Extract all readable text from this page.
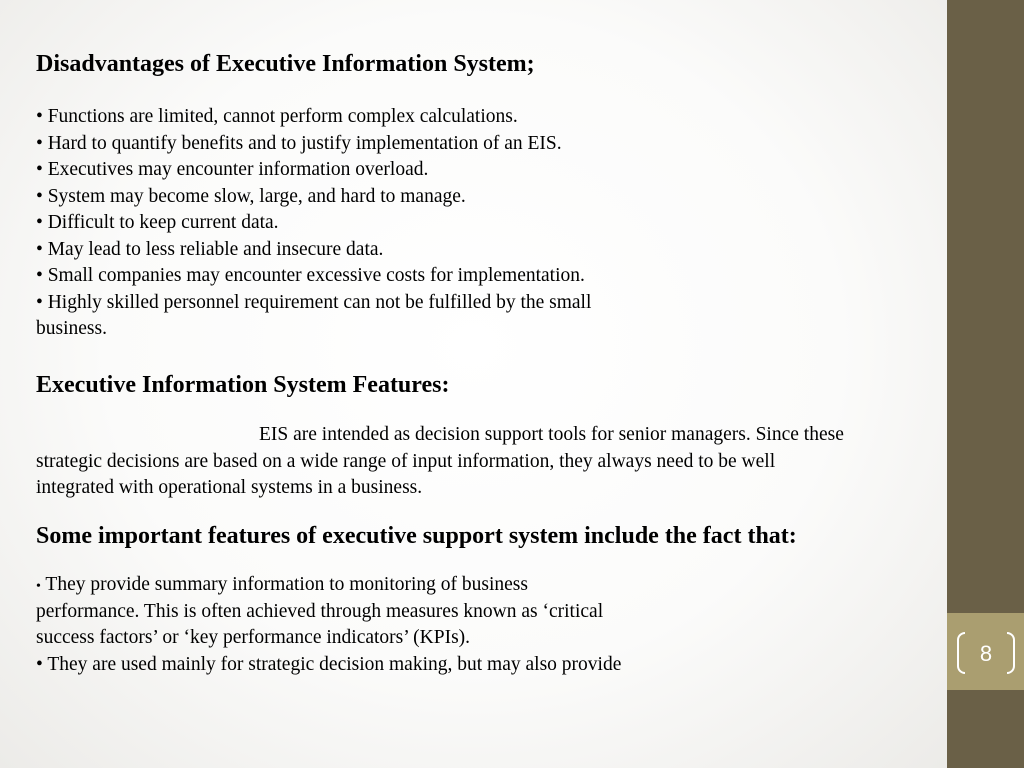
8
Disadvantages of Executive Information System;
• Functions are limited, cannot perform complex calculations.
• Hard to quantify benefits and to justify implementation of an EIS.
• Executives may encounter information overload.
• System may become slow, large, and hard to manage.
• Difficult to keep current data.
• May lead to less reliable and insecure data.
• Small companies may encounter excessive costs for implementation.
• Highly skilled personnel requirement can not be fulfilled by the small
business.
Executive Information System Features:
EIS are intended as decision support tools for senior managers. Since these
strategic decisions are based on a wide range of input information, they always need to be well
integrated with operational systems in a business.
Some important features of executive support system include the fact that:
• They provide summary information to monitoring of business
performance. This is often achieved through measures known as ‘critical
success factors’ or ‘key performance indicators’ (KPIs).
• They are used mainly for strategic decision making, but may also provide
